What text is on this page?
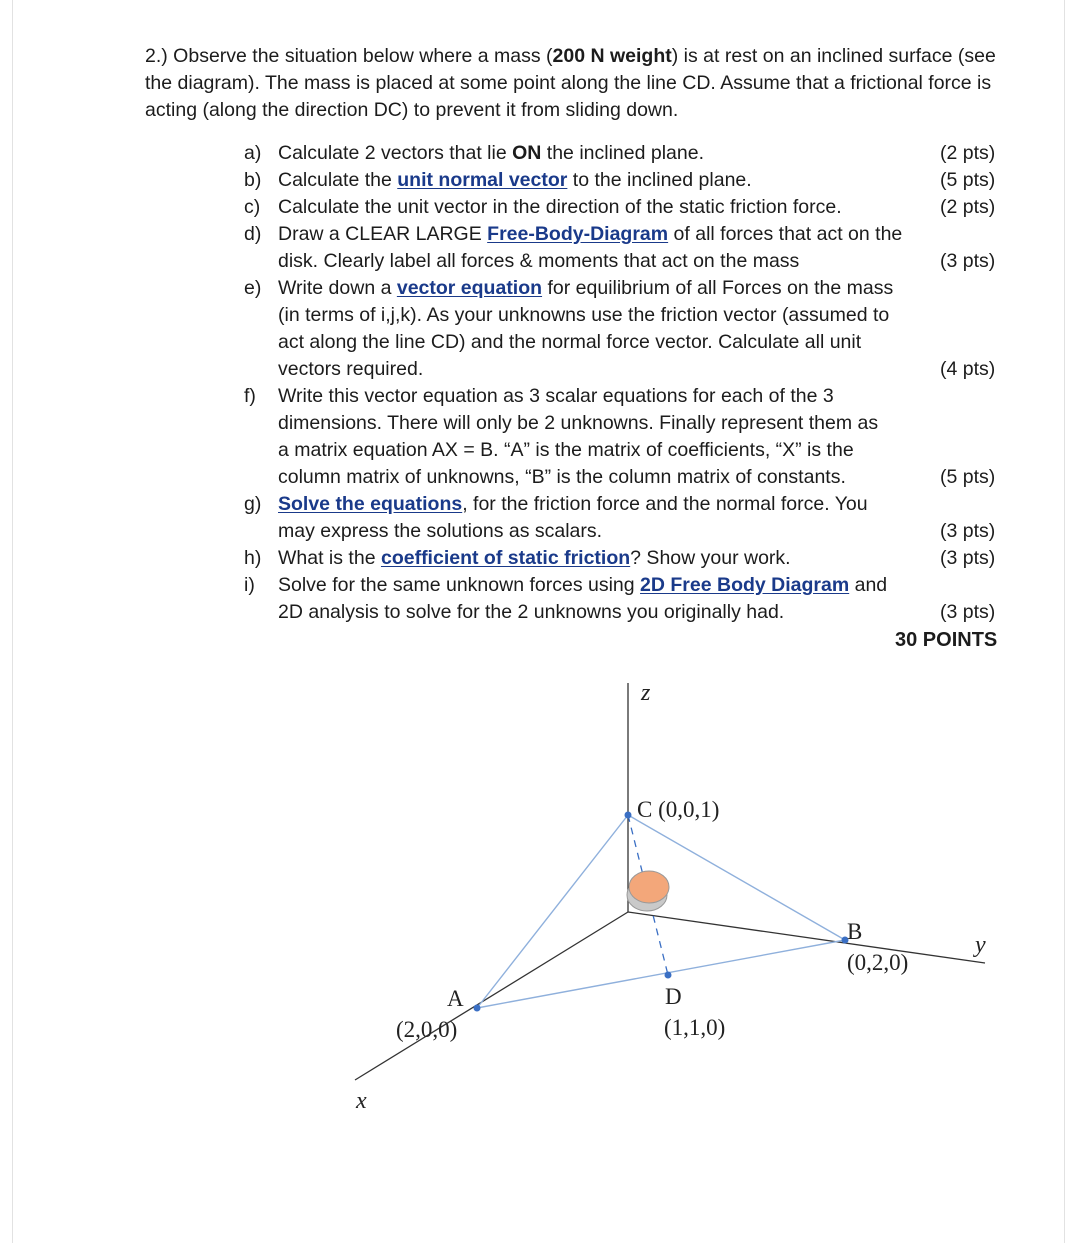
2.) Observe the situation below where a mass (200 N weight) is at rest on an inclined surface (see the diagram). The mass is placed at some point along the line CD. Assume that a frictional force is acting (along the direction DC) to prevent it from sliding down.

a) Calculate 2 vectors that lie ON the inclined plane.	(2 pts)
b) Calculate the unit normal vector to the inclined plane.	(5 pts)
c) Calculate the unit vector in the direction of the static friction force.	(2 pts)
d) Draw a CLEAR LARGE Free-Body-Diagram of all forces that act on the
disk. Clearly label all forces & moments that act on the mass	(3 pts)
e) Write down a vector equation for equilibrium of all Forces on the mass
(in terms of i,j,k). As your unknowns use the friction vector (assumed to
act along the line CD) and the normal force vector. Calculate all unit
vectors required.	(4 pts)
f) Write this vector equation as 3 scalar equations for each of the 3
dimensions. There will only be 2 unknowns. Finally represent them as
a matrix equation AX = B. “A” is the matrix of coefficients, “X” is the
column matrix of unknowns, “B” is the column matrix of constants.	(5 pts)
g) Solve the equations, for the friction force and the normal force. You
may express the solutions as scalars.	(3 pts)
h) What is the coefficient of static friction? Show your work.	(3 pts)
i) Solve for the same unknown forces using 2D Free Body Diagram and
2D analysis to solve for the 2 unknowns you originally had.	(3 pts)
30 POINTS
z
y
x
C (0,0,1)
B
(0,2,0)
A
(2,0,0)
D
(1,1,0)
